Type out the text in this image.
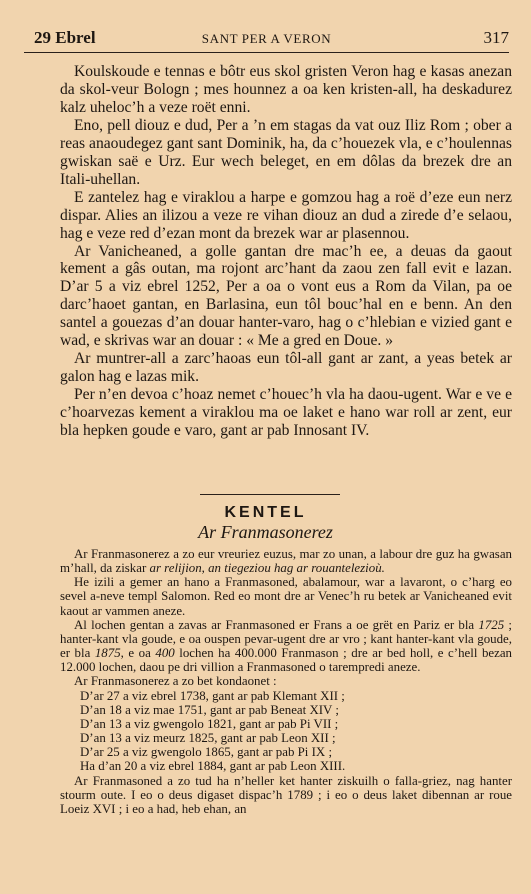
29 Ebrel	SANT PER A VERON	317

Koulskoude e tennas e bôtr eus skol gristen Veron hag e kasas anezan da skol-veur Bologn ; mes hounnez a oa ken kristen-all, ha deskadurez kalz uheloc’h a veze roët enni.

Eno, pell diouz e dud, Per a ’n em stagas da vat ouz Iliz Rom ; ober a reas anaoudegez gant sant Dominik, ha, da c’houezek vla, e c’houlennas gwiskan saë e Urz. Eur wech beleget, en em dôlas da brezek dre an Itali-uhellan.

E zantelez hag e viraklou a harpe e gomzou hag a roë d’eze eun nerz dispar. Alies an ilizou a veze re vihan diouz an dud a zirede d’e selaou, hag e veze red d’ezan mont da brezek war ar plasennou.

Ar Vanicheaned, a golle gantan dre mac’h ee, a deuas da gaout kement a gâs outan, ma rojont arc’hant da zaou zen fall evit e lazan. D’ar 5 a viz ebrel 1252, Per a oa o vont eus a Rom da Vilan, pa oe darc’haoet gantan, en Barlasina, eun tôl bouc’hal en e benn. An den santel a gouezas d’an douar hanter-varo, hag o c’hlebian e vizied gant e wad, e skrivas war an douar : « Me a gred en Doue. »

Ar muntrer-all a zarc’haoas eun tôl-all gant ar zant, a yeas betek ar galon hag e lazas mik.

Per n’en devoa c’hoaz nemet c’houec’h vla ha daou-ugent. War e ve e c’hoarvezas kement a viraklou ma oe laket e hano war roll ar zent, eur bla hepken goude e varo, gant ar pab Innosant IV.

KENTEL
Ar Franmasonerez

Ar Franmasonerez a zo eur vreuriez euzus, mar zo unan, a labour dre guz ha gwasan m’hall, da ziskar ar relijion, an tiegeziou hag ar rouantelezioù.

He izili a gemer an hano a Franmasoned, abalamour, war a lavaront, o c’harg eo sevel a-neve templ Salomon. Red eo mont dre ar Venec’h ru betek ar Vanicheaned evit kaout ar vammen aneze.

Al lochen gentan a zavas ar Franmasoned er Frans a oe grët en Pariz er bla 1725 ; hanter-kant vla goude, e oa ouspen pevar-ugent dre ar vro ; kant hanter-kant vla goude, er bla 1875, e oa 400 lochen ha 400.000 Franmason ; dre ar bed holl, e c’hell bezan 12.000 lochen, daou pe dri villion a Franmasoned o tarempredi aneze.

Ar Franmasonerez a zo bet kondaonet :

D’ar 27 a viz ebrel 1738, gant ar pab Klemant XII ;
D’an 18 a viz mae 1751, gant ar pab Beneat XIV ;
D’an 13 a viz gwengolo 1821, gant ar pab Pi VII ;
D’an 13 a viz meurz 1825, gant ar pab Leon XII ;
D’ar 25 a viz gwengolo 1865, gant ar pab Pi IX ;
Ha d’an 20 a viz ebrel 1884, gant ar pab Leon XIII.

Ar Franmasoned a zo tud ha n’heller ket hanter ziskuilh o falla-griez, nag hanter stourm oute. I eo o deus digaset dispac’h 1789 ; i eo o deus laket dibennan ar roue Loeiz XVI ; i eo a had, heb ehan, an
